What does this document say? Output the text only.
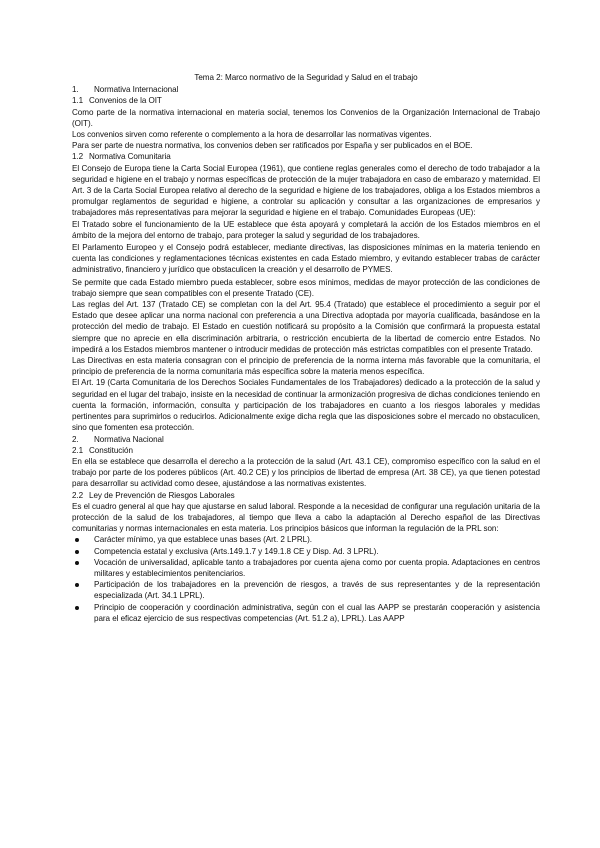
Tema 2: Marco normativo de la Seguridad y Salud en el trabajo

1. Normativa Internacional
1.1 Convenios de la OIT

Como parte de la normativa internacional en materia social, tenemos los Convenios de la Organización Internacional de Trabajo (OIT).

Los convenios sirven como referente o complemento a la hora de desarrollar las normativas vigentes.

Para ser parte de nuestra normativa, los convenios deben ser ratificados por España y ser publicados en el BOE.

1.2 Normativa Comunitaria

El Consejo de Europa tiene la Carta Social Europea (1961), que contiene reglas generales como el derecho de todo trabajador a la seguridad e higiene en el trabajo y normas específicas de protección de la mujer trabajadora en caso de embarazo y maternidad. El Art. 3 de la Carta Social Europea relativo al derecho de la seguridad e higiene de los trabajadores, obliga a los Estados miembros a promulgar reglamentos de seguridad e higiene, a controlar su aplicación y consultar a las organizaciones de empresarios y trabajadores más representativas para mejorar la seguridad e higiene en el trabajo. Comunidades Europeas (UE):

El Tratado sobre el funcionamiento de la UE establece que ésta apoyará y completará la acción de los Estados miembros en el ámbito de la mejora del entorno de trabajo, para proteger la salud y seguridad de los trabajadores.

El Parlamento Europeo y el Consejo podrá establecer, mediante directivas, las disposiciones mínimas en la materia teniendo en cuenta las condiciones y reglamentaciones técnicas existentes en cada Estado miembro, y evitando establecer trabas de carácter administrativo, financiero y jurídico que obstaculicen la creación y el desarrollo de PYMES.

Se permite que cada Estado miembro pueda establecer, sobre esos mínimos, medidas de mayor protección de las condiciones de trabajo siempre que sean compatibles con el presente Tratado (CE).

Las reglas del Art. 137 (Tratado CE) se completan con la del Art. 95.4 (Tratado) que establece el procedimiento a seguir por el Estado que desee aplicar una norma nacional con preferencia a una Directiva adoptada por mayoría cualificada, basándose en la protección del medio de trabajo. El Estado en cuestión notificará su propósito a la Comisión que confirmará la propuesta estatal siempre que no aprecie en ella discriminación arbitraria, o restricción encubierta de la libertad de comercio entre Estados. No impedirá a los Estados miembros mantener o introducir medidas de protección más estrictas compatibles con el presente Tratado.

Las Directivas en esta materia consagran con el principio de preferencia de la norma interna más favorable que la comunitaria, el principio de preferencia de la norma comunitaria más específica sobre la materia menos específica.

El Art. 19 (Carta Comunitaria de los Derechos Sociales Fundamentales de los Trabajadores) dedicado a la protección de la salud y seguridad en el lugar del trabajo, insiste en la necesidad de continuar la armonización progresiva de dichas condiciones teniendo en cuenta la formación, información, consulta y participación de los trabajadores en cuanto a los riesgos laborales y medidas pertinentes para suprimirlos o reducirlos. Adicionalmente exige dicha regla que las disposiciones sobre el mercado no obstaculicen, sino que fomenten esa protección.

2. Normativa Nacional
2.1 Constitución

En ella se establece que desarrolla el derecho a la protección de la salud (Art. 43.1 CE), compromiso específico con la salud en el trabajo por parte de los poderes públicos (Art. 40.2 CE) y los principios de libertad de empresa (Art. 38 CE), ya que tienen potestad para desarrollar su actividad como desee, ajustándose a las normativas existentes.

2.2 Ley de Prevención de Riesgos Laborales

Es el cuadro general al que hay que ajustarse en salud laboral. Responde a la necesidad de configurar una regulación unitaria de la protección de la salud de los trabajadores, al tiempo que lleva a cabo la adaptación al Derecho español de las Directivas comunitarias y normas internacionales en esta materia. Los principios básicos que informan la regulación de la PRL son:

Carácter mínimo, ya que establece unas bases (Art. 2 LPRL).
Competencia estatal y exclusiva (Arts.149.1.7 y 149.1.8 CE y Disp. Ad. 3 LPRL).
Vocación de universalidad, aplicable tanto a trabajadores por cuenta ajena como por cuenta propia. Adaptaciones en centros militares y establecimientos penitenciarios.
Participación de los trabajadores en la prevención de riesgos, a través de sus representantes y de la representación especializada (Art. 34.1 LPRL).
Principio de cooperación y coordinación administrativa, según con el cual las AAPP se prestarán cooperación y asistencia para el eficaz ejercicio de sus respectivas competencias (Art. 51.2 a), LPRL). Las AAPP
